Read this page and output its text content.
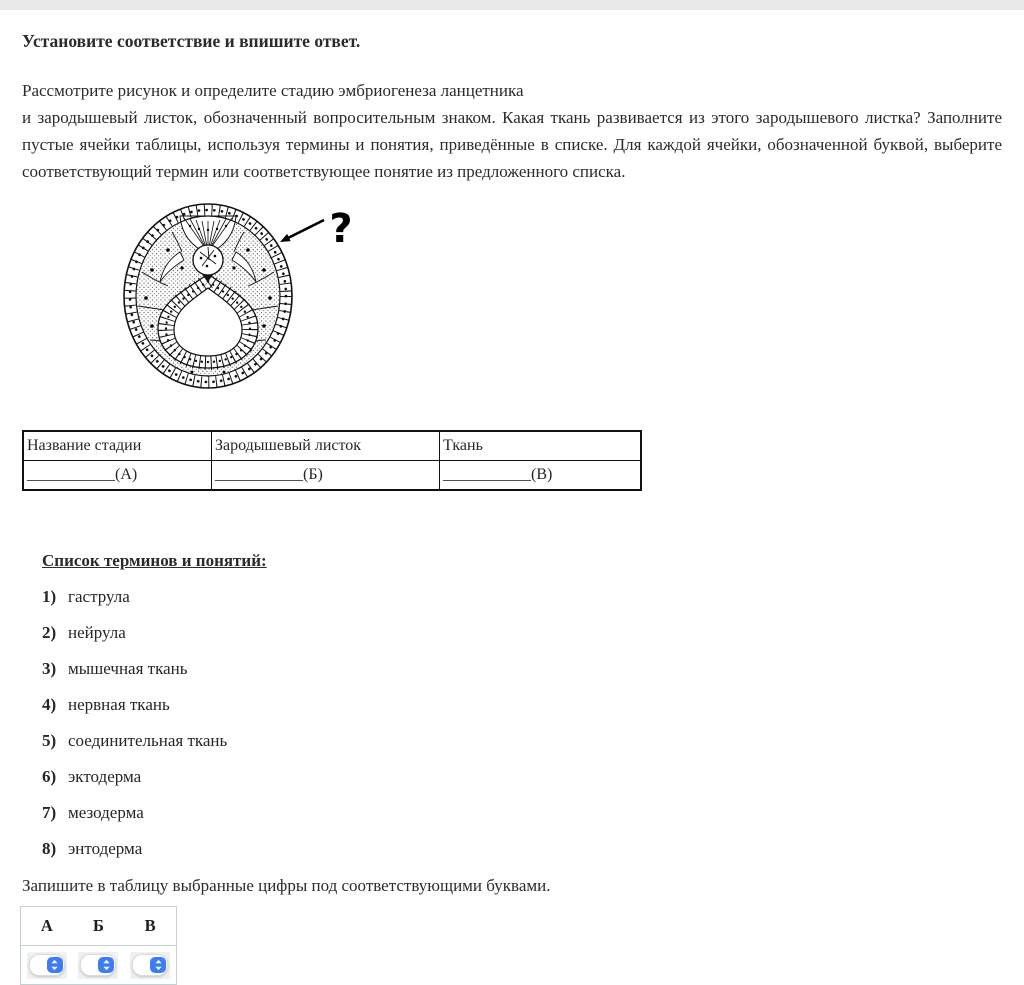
Установите соответствие и впишите ответ.

Рассмотрите рисунок и определите стадию эмбриогенеза ланцетника

и зародышевый листок, обозначенный вопросительным знаком. Какая ткань развивается из этого зародышевого листка? Заполните пустые ячейки таблицы, используя термины и понятия, приведённые в списке. Для каждой ячейки, обозначенной буквой, выберите соответствующий термин или соответствующее понятие из предложенного списка.

?
Название стадии	Зародышевый листок	Ткань
___________(А)	___________(Б)	___________(В)
Список терминов и понятий:
1) гаструла
2) нейрула
3) мышечная ткань
4) нервная ткань
5) соединительная ткань
6) эктодерма
7) мезодерма
8) энтодерма

Запишите в таблицу выбранные цифры под соответствующими буквами.

А	Б	В
